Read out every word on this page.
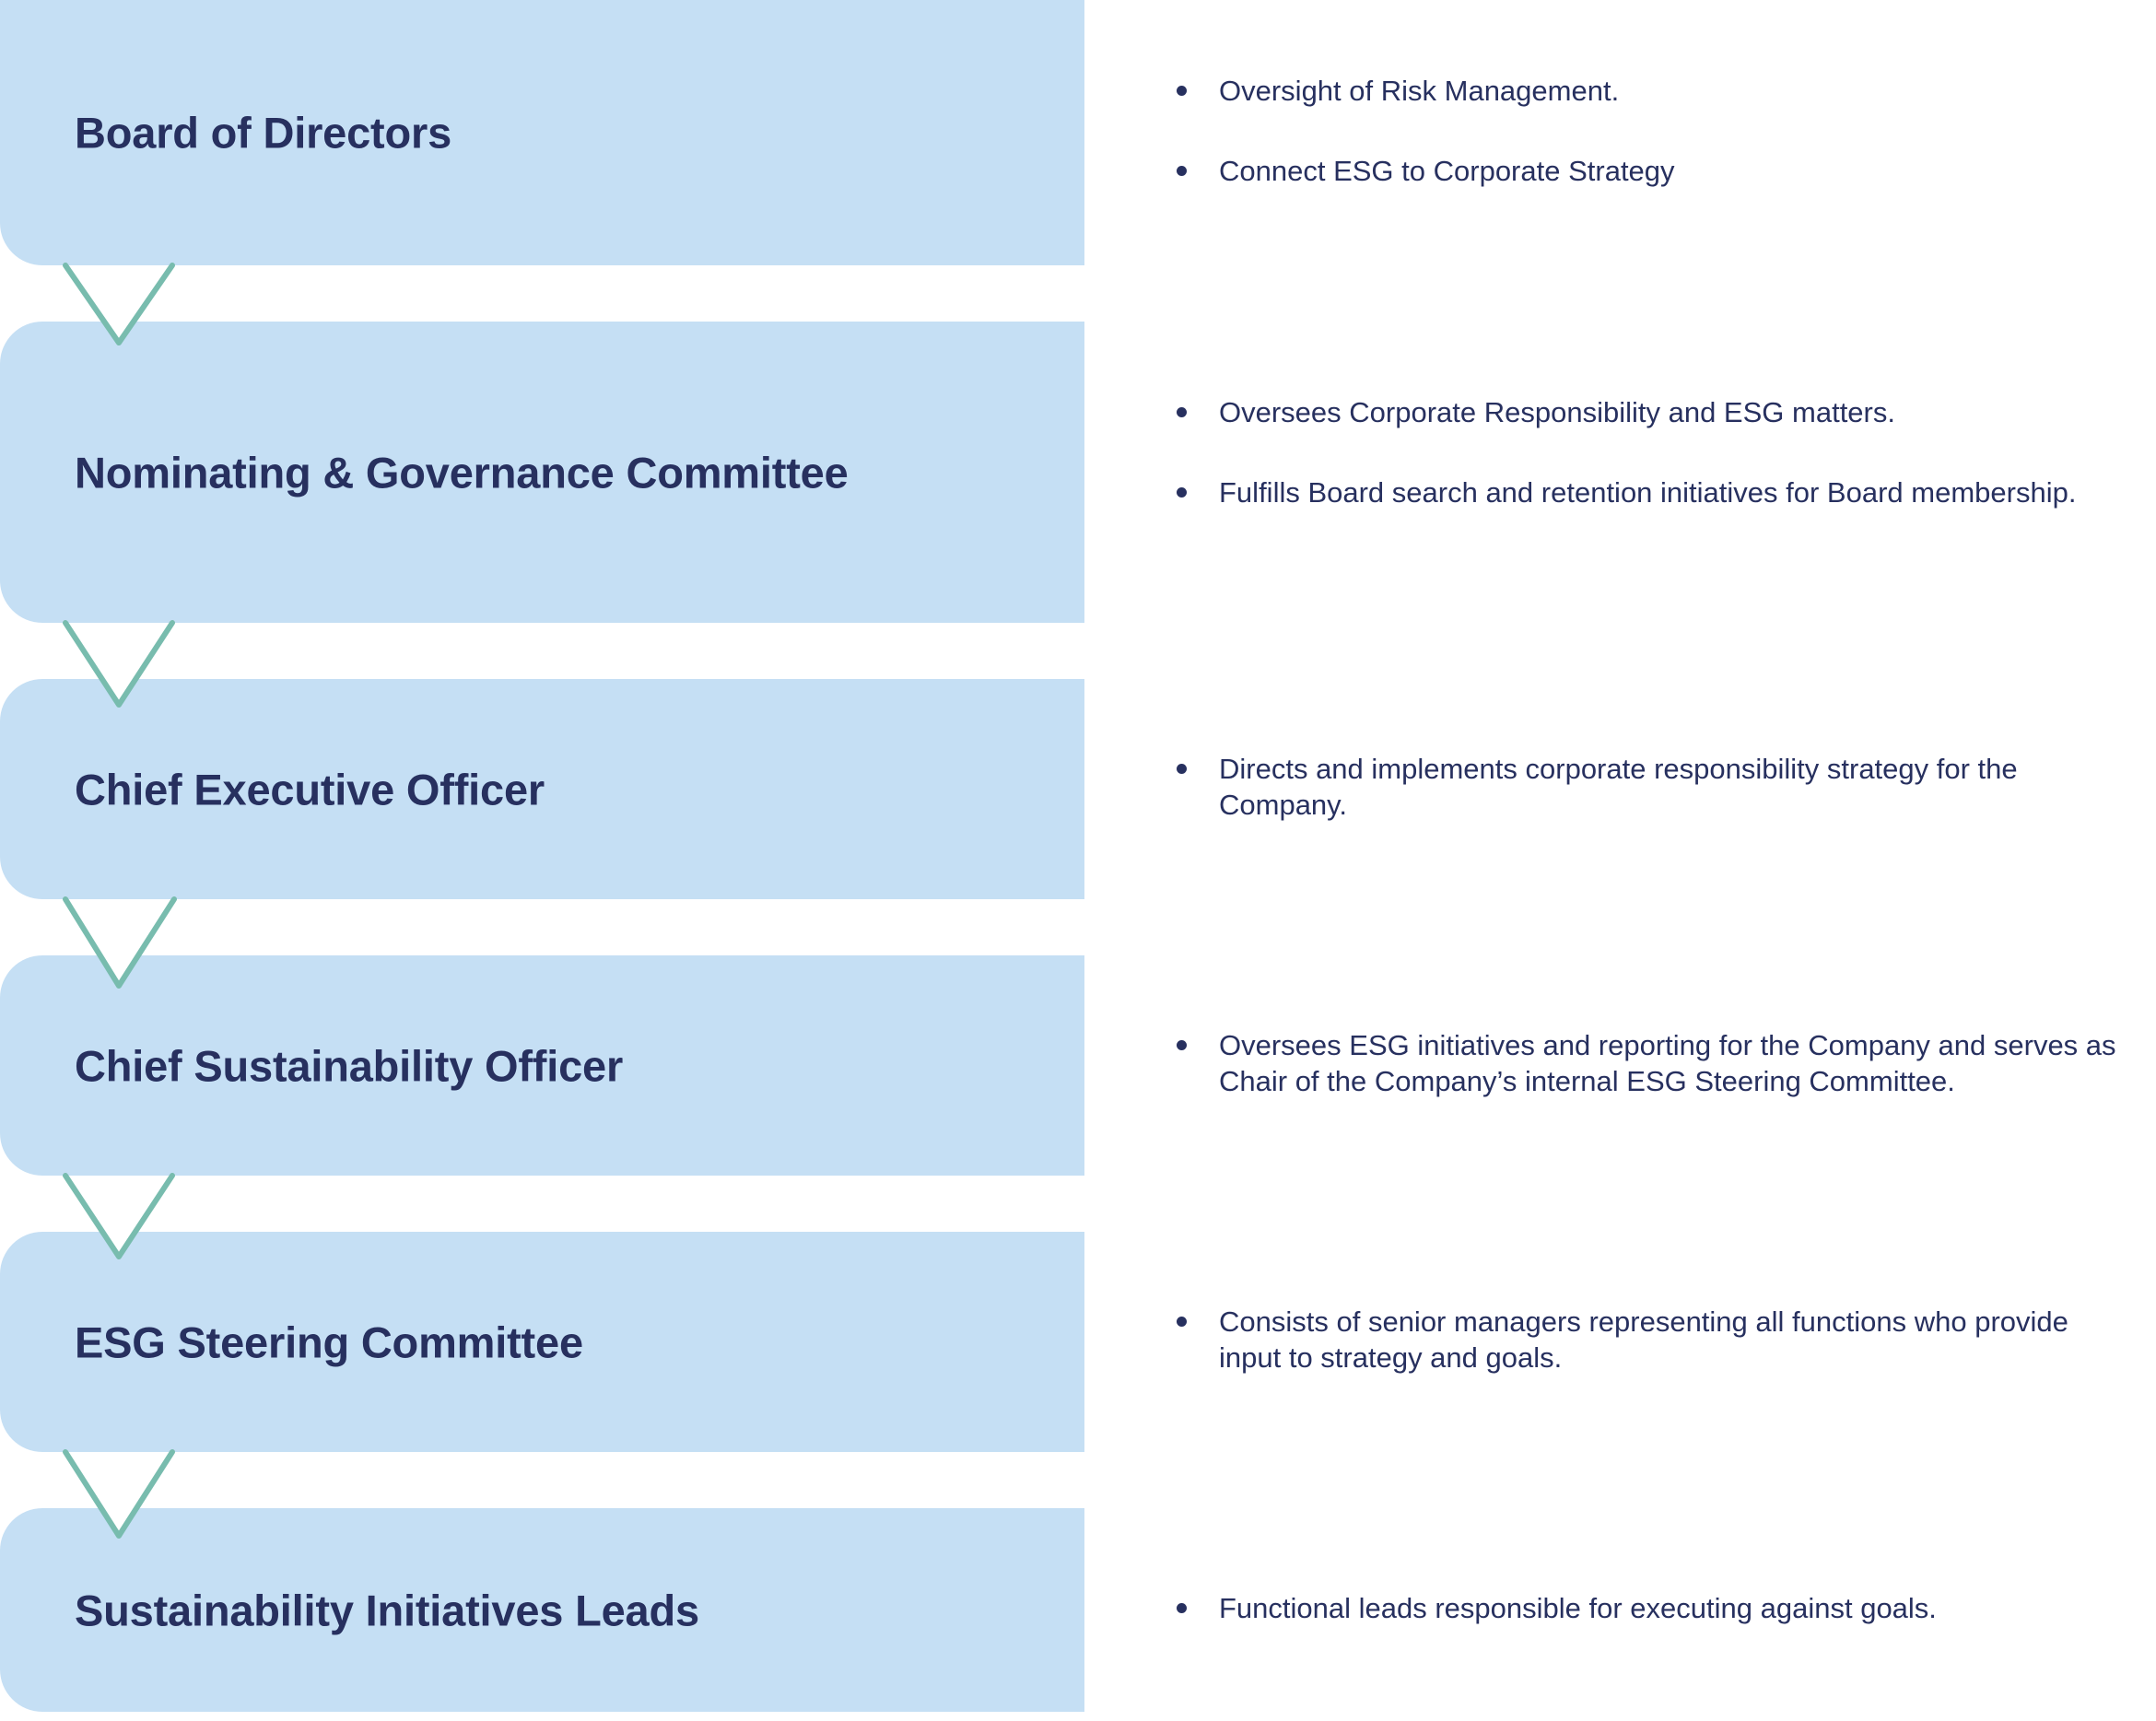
Board of Directors
Nominating & Governance Committee
Chief Executive Officer
Chief Sustainability Officer
ESG Steering Committee
Sustainability Initiatives Leads
Oversight of Risk Management.
Connect ESG to Corporate Strategy
Oversees Corporate Responsibility and ESG matters.
Fulfills Board search and retention initiatives for Board membership.
Directs and implements corporate responsibility strategy for the Company.
Oversees ESG initiatives and reporting for the Company and serves as Chair of the Company’s internal ESG Steering Committee.
Consists of senior managers representing all functions who provide input to strategy and goals.
Functional leads responsible for executing against goals.
